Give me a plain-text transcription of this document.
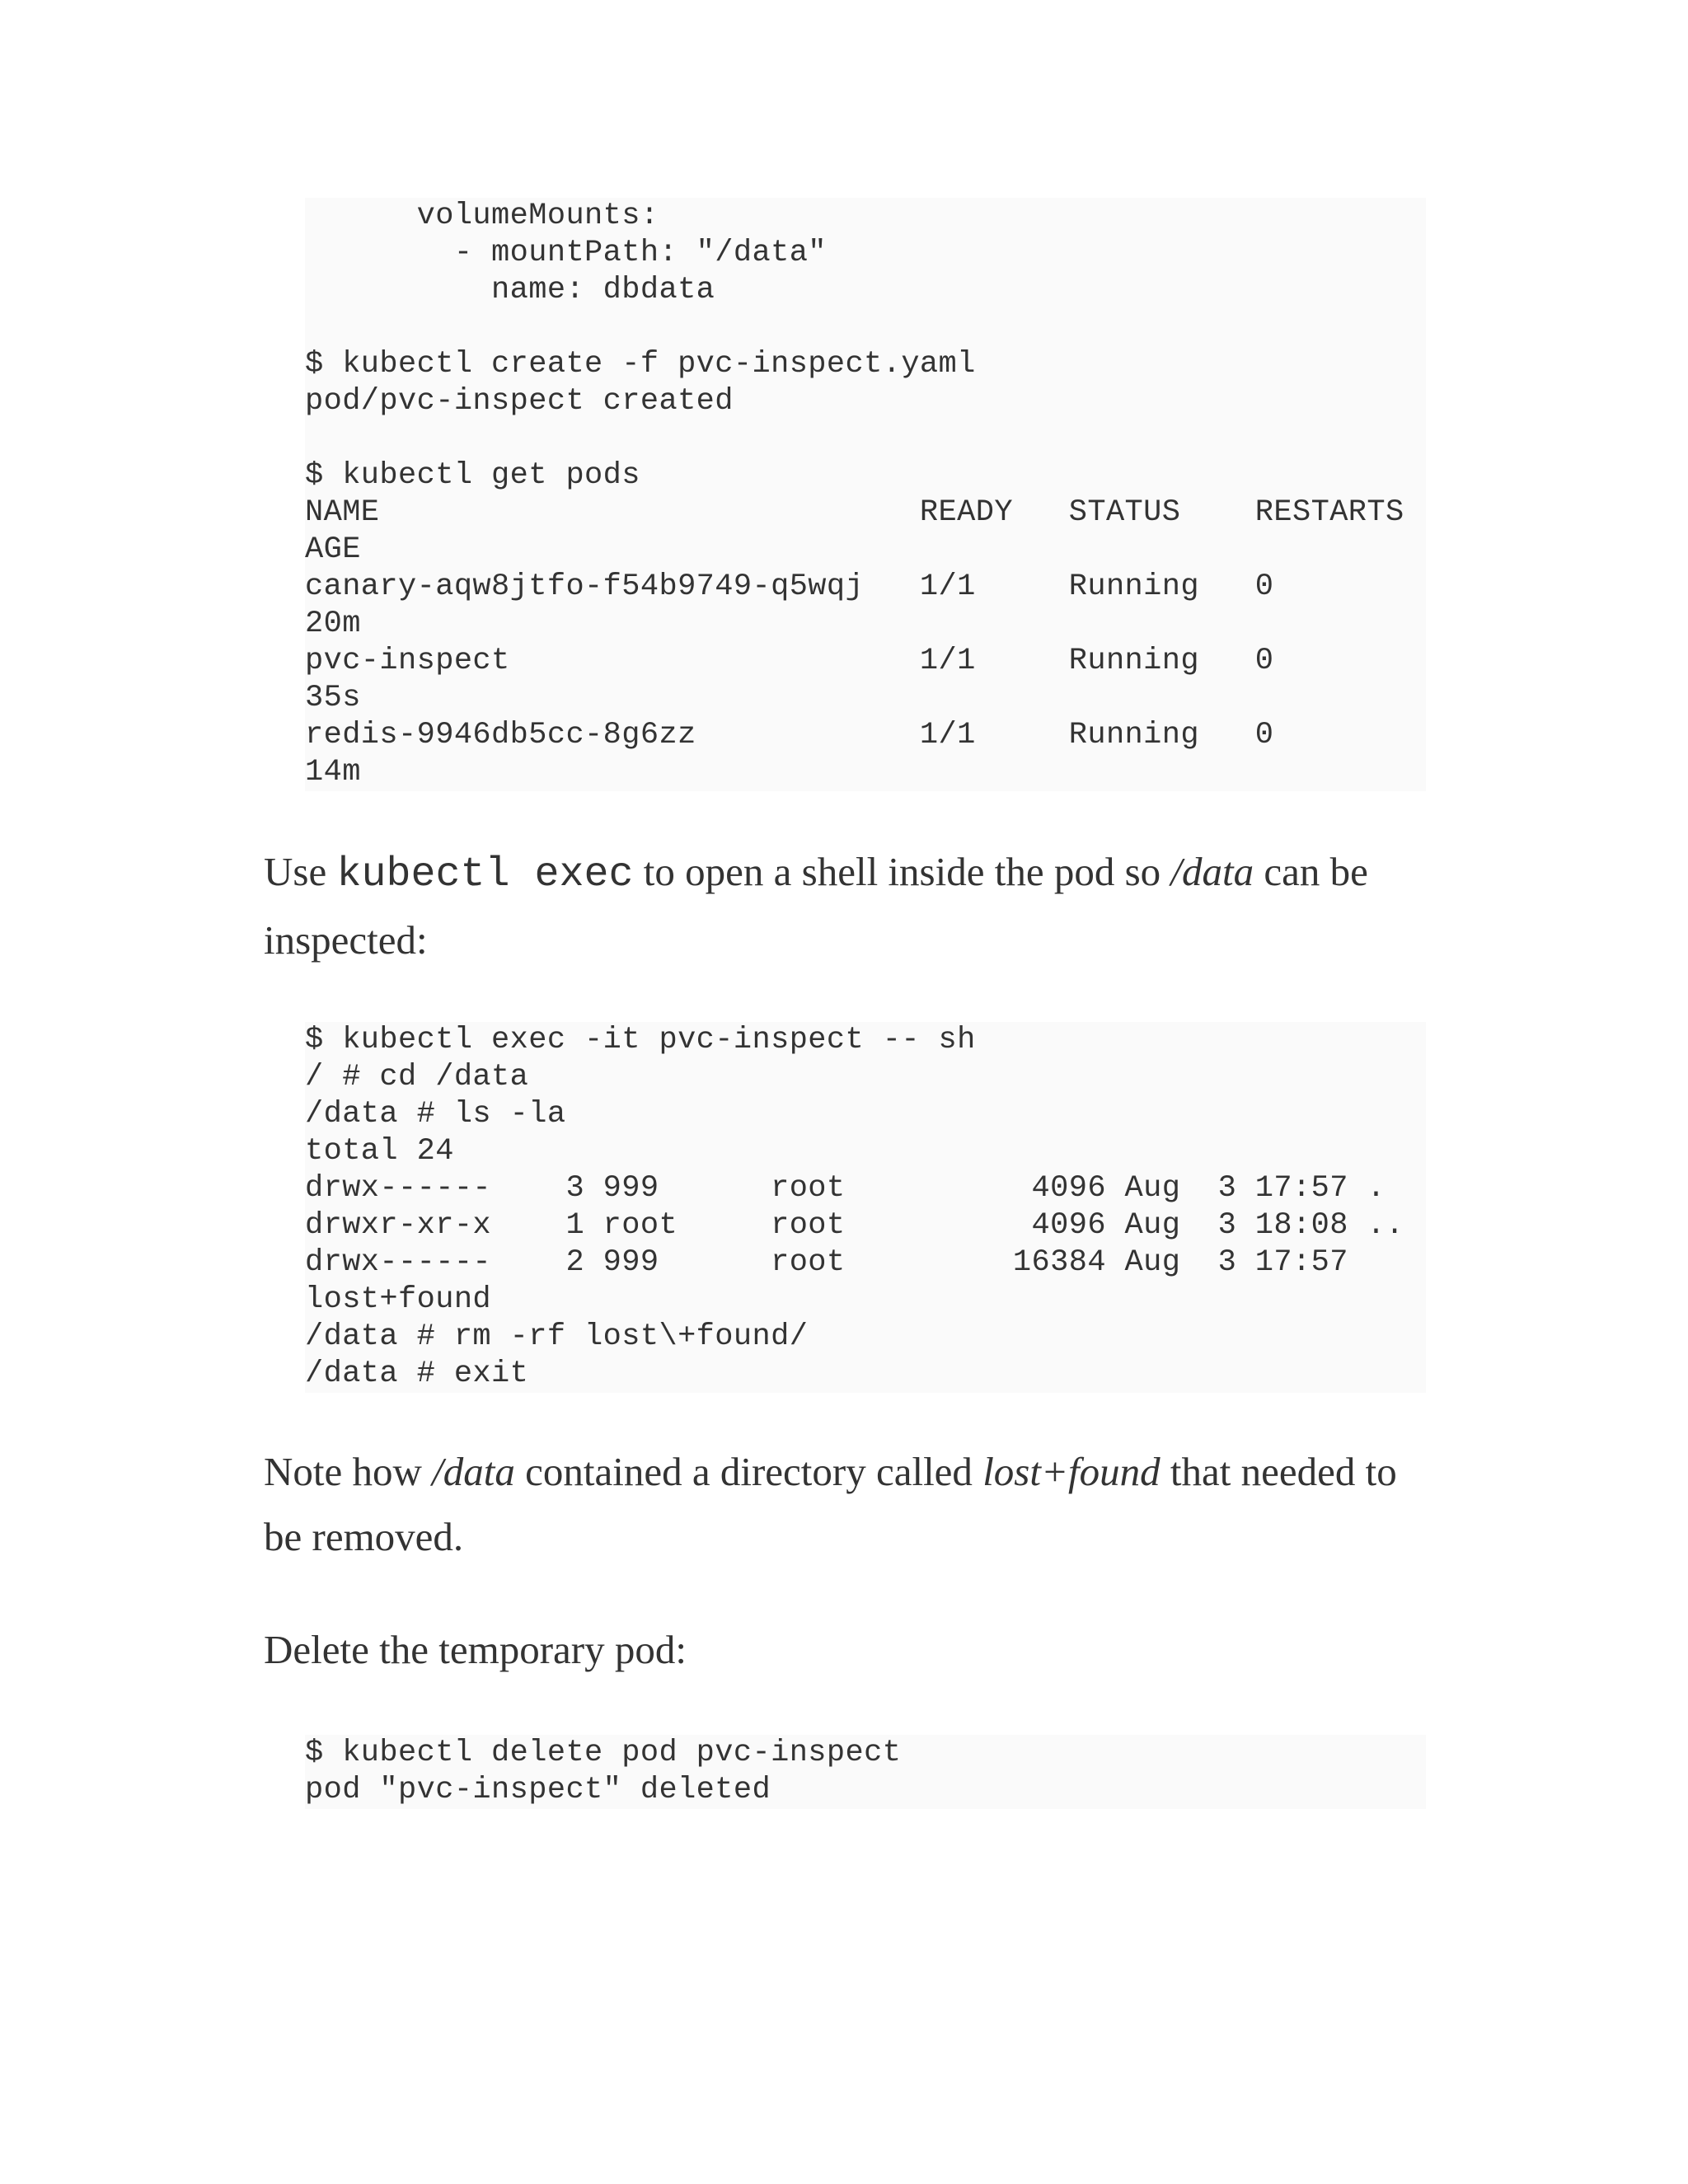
volumeMounts:
- mountPath: "/data"
name: dbdata
$ kubectl create -f pvc-inspect.yaml
pod/pvc-inspect created
$ kubectl get pods
NAME                             READY   STATUS    RESTARTS
AGE
canary-aqw8jtfo-f54b9749-q5wqj   1/1     Running   0
20m
pvc-inspect                      1/1     Running   0
35s
redis-9946db5cc-8g6zz            1/1     Running   0
14m

Use kubectl exec to open a shell inside the pod so /data can be inspected:

$ kubectl exec -it pvc-inspect -- sh
/ # cd /data
/data # ls -la
total 24
drwx------    3 999      root          4096 Aug  3 17:57 .
drwxr-xr-x    1 root     root          4096 Aug  3 18:08 ..
drwx------    2 999      root         16384 Aug  3 17:57
lost+found
/data # rm -rf lost\+found/
/data # exit

Note how /data contained a directory called lost+found that needed to be removed.

Delete the temporary pod:

$ kubectl delete pod pvc-inspect
pod "pvc-inspect" deleted
